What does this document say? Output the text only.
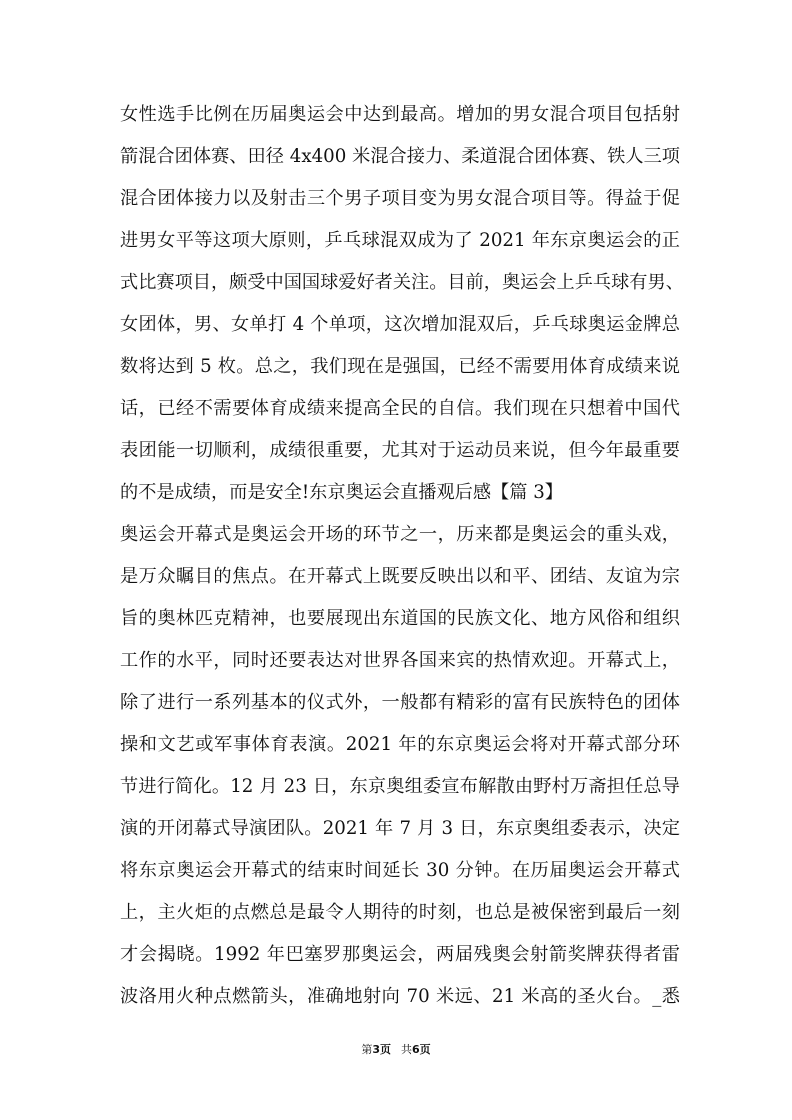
女性选手比例在历届奥运会中达到最高。增加的男女混合项目包括射
箭混合团体赛、田径 4x400 米混合接力、柔道混合团体赛、铁人三项
混合团体接力以及射击三个男子项目变为男女混合项目等。得益于促
进男女平等这项大原则，乒乓球混双成为了 2021 年东京奥运会的正
式比赛项目，颇受中国国球爱好者关注。目前，奥运会上乒乓球有男、
女团体，男、女单打 4 个单项，这次增加混双后，乒乓球奥运金牌总
数将达到 5 枚。总之，我们现在是强国，已经不需要用体育成绩来说
话，已经不需要体育成绩来提高全民的自信。我们现在只想着中国代
表团能一切顺利，成绩很重要，尤其对于运动员来说，但今年最重要
的不是成绩，而是安全!东京奥运会直播观后感【篇 3】
奥运会开幕式是奥运会开场的环节之一，历来都是奥运会的重头戏，
是万众瞩目的焦点。在开幕式上既要反映出以和平、团结、友谊为宗
旨的奥林匹克精神，也要展现出东道国的民族文化、地方风俗和组织
工作的水平，同时还要表达对世界各国来宾的热情欢迎。开幕式上，
除了进行一系列基本的仪式外，一般都有精彩的富有民族特色的团体
操和文艺或军事体育表演。2021 年的东京奥运会将对开幕式部分环
节进行简化。12 月 23 日，东京奥组委宣布解散由野村万斋担任总导
演的开闭幕式导演团队。2021 年 7 月 3 日，东京奥组委表示，决定
将东京奥运会开幕式的结束时间延长 30 分钟。在历届奥运会开幕式
上，主火炬的点燃总是最令人期待的时刻，也总是被保密到最后一刻
才会揭晓。1992 年巴塞罗那奥运会，两届残奥会射箭奖牌获得者雷
波洛用火种点燃箭头，准确地射向 70 米远、21 米高的圣火台。_悉
第3页 共6页
